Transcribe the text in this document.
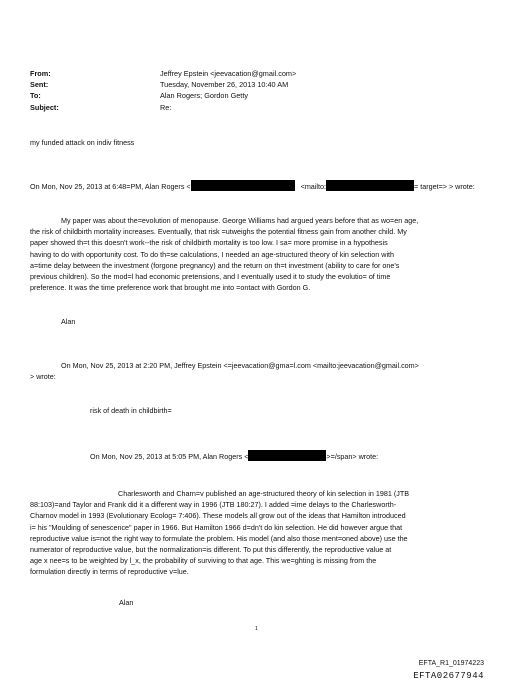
From:	Jeffrey Epstein <jeevacation@gmail.com>
Sent:	Tuesday, November 26, 2013 10:40 AM
To:	Alan Rogers; Gordon Getty
Subject:	Re:
my funded attack on indiv fitness
On Mon, Nov 25, 2013 at 6:48=PM, Alan Rogers <	<mailto:	= target=> > wrote:
My paper was about the=evolution of menopause. George Williams had argued years before that as wo=en age,
the risk of childbirth mortality increases. Eventually, that risk =utweighs the potential fitness gain from another child. My
paper showed th=t this doesn't work--the risk of childbirth mortality is too low. I sa= more promise in a hypothesis
having to do with opportunity cost. To do th=se calculations, I needed an age-structured theory of kin selection with
a=time delay between the investment (forgone pregnancy) and the return on th=t investment (ability to care for one's
previous children). So the mod=l had economic pretensions, and I eventually used it to study the evolutio= of time
preference. It was the time preference work that brought me into =ontact with Gordon G.
Alan
On Mon, Nov 25, 2013 at 2:20 PM, Jeffrey Epstein <=jeevacation@gma=l.com <mailto:jeevacation@gmail.com>
> wrote:
risk of death in childbirth=
On Mon, Nov 25, 2013 at 5:05 PM, Alan Rogers <	>=/span> wrote:
Charlesworth and Charn=v published an age-structured theory of kin selection in 1981 (JTB
88:103)=and Taylor and Frank did it a different way in 1996 (JTB 180:27). I added =ime delays to the Charlesworth-
Charnov model in 1993 (Evolutionary Ecolog= 7:406). These models all grow out of the ideas that Hamilton introduced
i= his "Moulding of senescence" paper in 1966. But Hamilton 1966 d=dn't do kin selection. He did however argue that
reproductive value is=not the right way to formulate the problem. His model (and also those ment=oned above) use the
numerator of reproductive value, but the normalization=is different. To put this differently, the reproductive value at
age x nee=s to be weighted by l_x, the probability of surviving to that age. This we=ghting is missing from the
formulation directly in terms of reproductive v=lue.
Alan
1
EFTA_R1_01974223
EFTA02677944
